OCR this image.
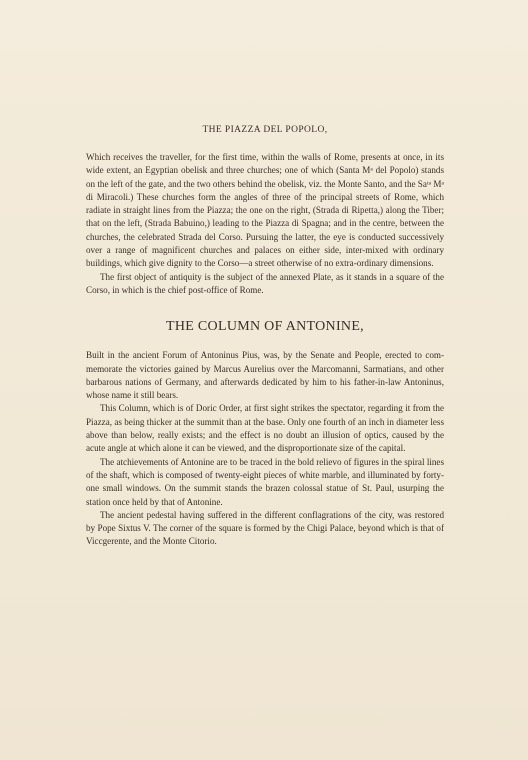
THE PIAZZA DEL POPOLO,

Which receives the traveller, for the first time, within the walls of Rome, presents at once, in its wide extent, an Egyptian obelisk and three churches; one of which (Santa Mᵃ del Popolo) stands on the left of the gate, and the two others behind the obelisk, viz. the Monte Santo, and the Saᵗᵃ Mᵃ di Miracoli.) These churches form the angles of three of the principal streets of Rome, which radiate in straight lines from the Piazza; the one on the right, (Strada di Ripetta,) along the Tiber; that on the left, (Strada Babuino,) leading to the Piazza di Spagna; and in the centre, between the churches, the celebrated Strada del Corso. Pursuing the latter, the eye is conducted successively over a range of magnificent churches and palaces on either side, inter-mixed with ordinary buildings, which give dignity to the Corso—a street otherwise of no extra-ordinary dimensions.

The first object of antiquity is the subject of the annexed Plate, as it stands in a square of the Corso, in which is the chief post-office of Rome.

THE COLUMN OF ANTONINE,

Built in the ancient Forum of Antoninus Pius, was, by the Senate and People, erected to com-memorate the victories gained by Marcus Aurelius over the Marcomanni, Sarmatians, and other barbarous nations of Germany, and afterwards dedicated by him to his father-in-law Antoninus, whose name it still bears.

This Column, which is of Doric Order, at first sight strikes the spectator, regarding it from the Piazza, as being thicker at the summit than at the base. Only one fourth of an inch in diameter less above than below, really exists; and the effect is no doubt an illusion of optics, caused by the acute angle at which alone it can be viewed, and the disproportionate size of the capital.

The atchievements of Antonine are to be traced in the bold relievo of figures in the spiral lines of the shaft, which is composed of twenty-eight pieces of white marble, and illuminated by forty-one small windows. On the summit stands the brazen colossal statue of St. Paul, usurping the station once held by that of Antonine.

The ancient pedestal having suffered in the different conflagrations of the city, was restored by Pope Sixtus V. The corner of the square is formed by the Chigi Palace, beyond which is that of Viccgerente, and the Monte Citorio.
